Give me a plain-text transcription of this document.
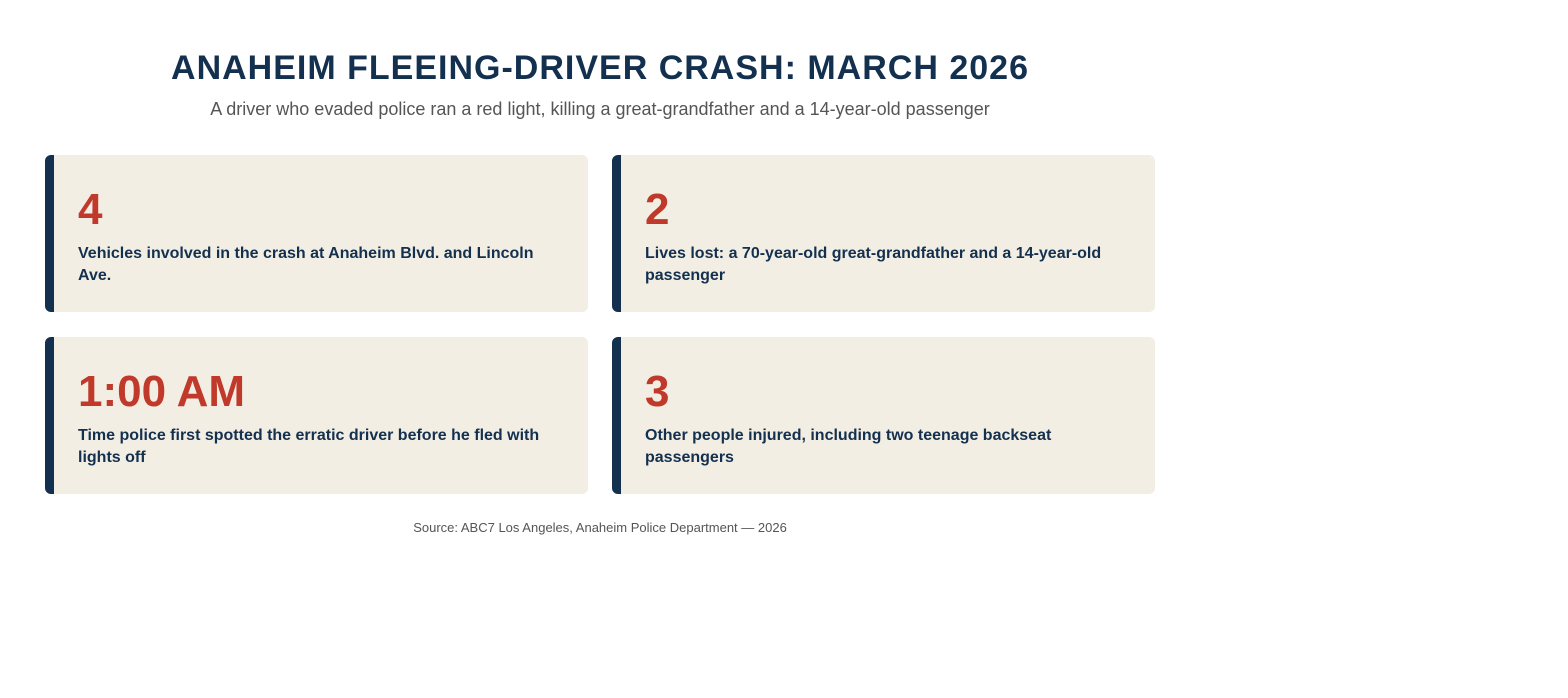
ANAHEIM FLEEING-DRIVER CRASH: MARCH 2026
A driver who evaded police ran a red light, killing a great-grandfather and a 14-year-old passenger
4
Vehicles involved in the crash at Anaheim Blvd. and Lincoln Ave.
2
Lives lost: a 70-year-old great-grandfather and a 14-year-old passenger
1:00 AM
Time police first spotted the erratic driver before he fled with lights off
3
Other people injured, including two teenage backseat passengers
Source: ABC7 Los Angeles, Anaheim Police Department — 2026
